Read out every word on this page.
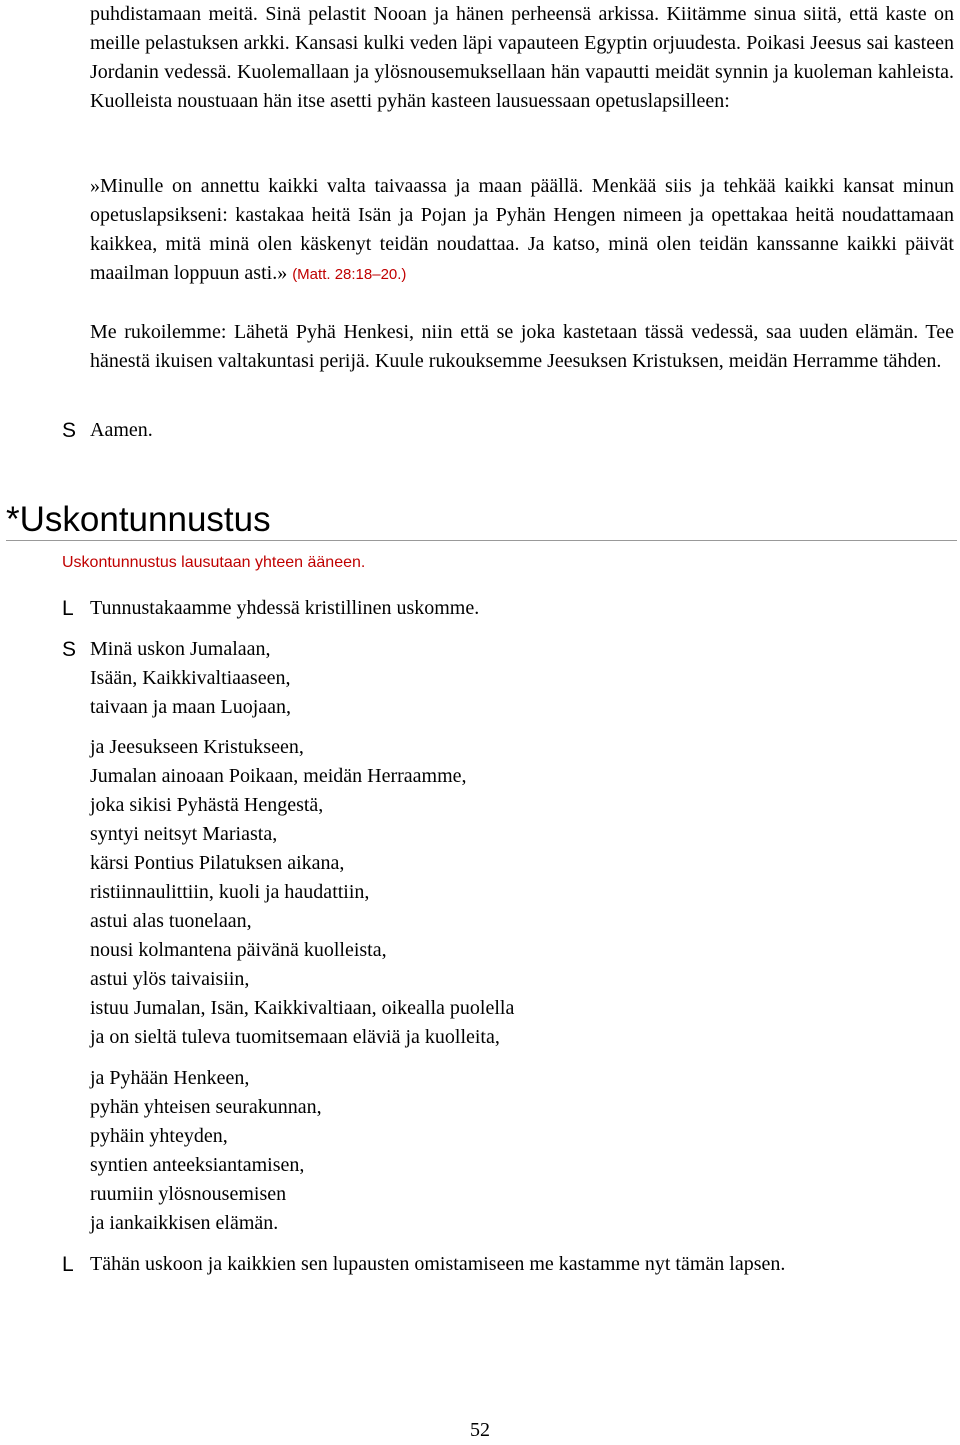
puhdistamaan meitä. Sinä pelastit Nooan ja hänen perheensä arkissa. Kiitämme sinua siitä, että kaste on meille pelastuksen arkki. Kansasi kulki veden läpi vapauteen Egyptin orjuudesta. Poikasi Jeesus sai kasteen Jordanin vedessä. Kuolemallaan ja ylösnousemuksellaan hän vapautti meidät synnin ja kuoleman kahleista. Kuolleista noustuaan hän itse asetti pyhän kasteen lausuessaan opetuslapsilleen:

»Minulle on annettu kaikki valta taivaassa ja maan päällä. Menkää siis ja tehkää kaikki kansat minun opetuslapsikseni: kastakaa heitä Isän ja Pojan ja Pyhän Hengen nimeen ja opettakaa heitä noudattamaan kaikkea, mitä minä olen käskenyt teidän noudattaa. Ja katso, minä olen teidän kanssanne kaikki päivät maailman loppuun asti.» (Matt. 28:18–20.)

Me rukoilemme: Lähetä Pyhä Henkesi, niin että se joka kastetaan tässä vedessä, saa uuden elämän. Tee hänestä ikuisen valtakuntasi perijä. Kuule rukouksemme Jeesuksen Kristuksen, meidän Herramme tähden.

S Aamen.
*Uskontunnustus
Uskontunnustus lausutaan yhteen ääneen.
L Tunnustakaamme yhdessä kristillinen uskomme.
S Minä uskon Jumalaan,
Isään, Kaikkivaltiaaseen,
taivaan ja maan Luojaan,
ja Jeesukseen Kristukseen,
Jumalan ainoaan Poikaan, meidän Herraamme,
joka sikisi Pyhästä Hengestä,
syntyi neitsyt Mariasta,
kärsi Pontius Pilatuksen aikana,
ristiinnaulittiin, kuoli ja haudattiin,
astui alas tuonelaan,
nousi kolmantena päivänä kuolleista,
astui ylös taivaisiin,
istuu Jumalan, Isän, Kaikkivaltiaan, oikealla puolella
ja on sieltä tuleva tuomitsemaan eläviä ja kuolleita,
ja Pyhään Henkeen,
pyhän yhteisen seurakunnan,
pyhäin yhteyden,
syntien anteeksiantamisen,
ruumiin ylösnousemisen
ja iankaikkisen elämän.
L Tähän uskoon ja kaikkien sen lupausten omistamiseen me kastamme nyt tämän lapsen.
52
